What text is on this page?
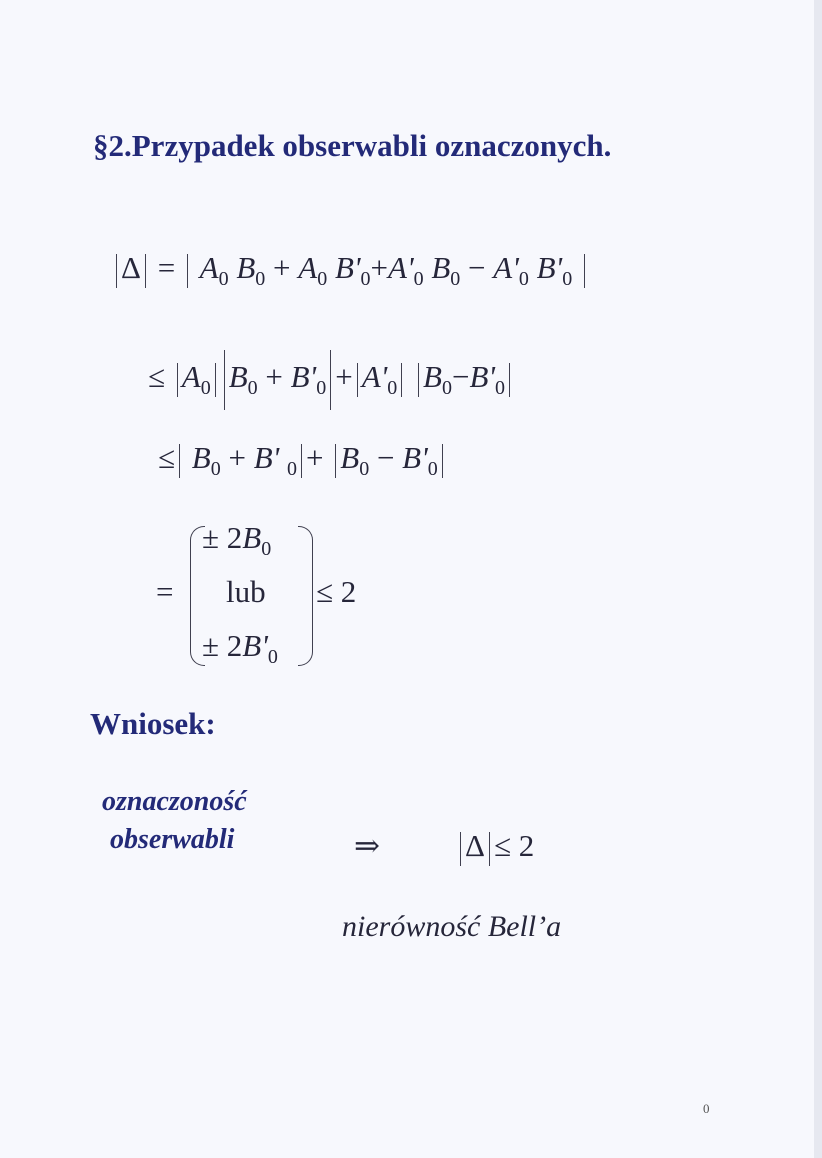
§2.Przypadek obserwabli oznaczonych.
$\Delta = A_0$ $B_0 + A_0$ $B'_0+A'_0$ $B_0 - A'_0$ $B'_0$
≤ $A_0$ $B_0 + B'_0 + A'_0$ $B_0-B'_0$
≤ $B_0 + B'$ $_0 + B_0 - B'_0$
=
± $2B_0$
lub
± $2B'_0$
≤ 2
Wniosek:
oznaczoność
obserwabli	⇒	Δ ≤ 2
nierówność Bell’a
0
